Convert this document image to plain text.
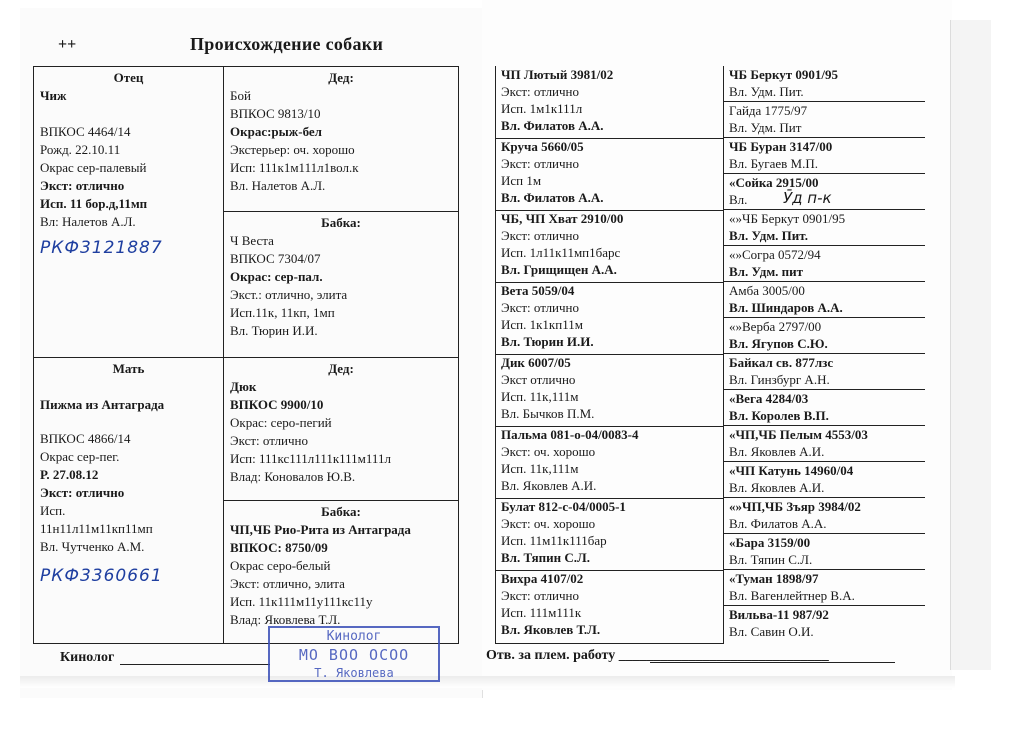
++	Происхождение собаки
Отец
Чиж
ВПКОС 4464/14
Рожд. 22.10.11
Окрас сер-палевый
Экст: отлично
Исп. 11 бор.д,11мп
Вл: Налетов А.Л.
РКФ3121887
Мать
Пижма из Антаграда
ВПКОС 4866/14
Окрас сер-пег.
Р. 27.08.12
Экст: отлично
Исп.
11н11л11м11кп11мп
Вл. Чутченко А.М.
РКФ3360661
Дед:
Бой
ВПКОС 9813/10
Окрас:рыж-бел
Экстерьер: оч. хорошо
Исп: 111к1м111л1вол.к
Вл. Налетов А.Л.
Бабка:
Ч Веста
ВПКОС 7304/07
Окрас: сер-пал.
Экст.: отлично, элита
Исп.11к, 11кп, 1мп
Вл. Тюрин И.И.
Дед:
Дюк
ВПКОС 9900/10
Окрас: серо-пегий
Экст: отлично
Исп: 111кс111л111к111м111л
Влад: Коновалов Ю.В.
Бабка:
ЧП,ЧБ Рио-Рита из Антаграда
ВПКОС: 8750/09
Окрас серо-белый
Экст: отлично, элита
Исп. 11к111м11у111кс11у
Влад: Яковлева Т.Л.
Кинолог	Отв. за плем. работу ______________________________
Кинолог
МО ВОО ОСОО
Т. Яковлева
ЧП Лютый 3981/02
Экст: отлично
Исп. 1м1к111л
Вл. Филатов А.А.
ЧБ Беркут 0901/95
Вл. Удм. Пит.
Гайда 1775/97
Вл. Удм. Пит
Круча 5660/05
Экст: отлично
Исп 1м
Вл. Филатов А.А.
ЧБ Буран 3147/00
Вл. Бугаев М.П.
«Сойка 2915/00
Вл.	Ӯд п-к
ЧБ, ЧП Хват 2910/00
Экст: отлично
Исп. 1л11к11мп1барс
Вл. Грищищен А.А.
«»ЧБ Беркут 0901/95
Вл. Удм. Пит.
«»Согра 0572/94
Вл. Удм. пит
Вета 5059/04
Экст: отлично
Исп. 1к1кп11м
Вл. Тюрин И.И.
Амба 3005/00
Вл. Шиндаров А.А.
«»Верба 2797/00
Вл. Ягупов С.Ю.
Дик 6007/05
Экст отлично
Исп. 11к,111м
Вл. Бычков П.М.
Байкал св. 877лзс
Вл. Гинзбург А.Н.
«Вега 4284/03
Вл. Королев В.П.
Пальма 081-о-04/0083-4
Экст: оч. хорошо
Исп. 11к,111м
Вл. Яковлев А.И.
«ЧП,ЧБ Пелым 4553/03
Вл. Яковлев А.И.
«ЧП Катунь 14960/04
Вл. Яковлев А.И.
Булат 812-с-04/0005-1
Экст: оч. хорошо
Исп. 11м11к111бар
Вл. Тяпин С.Л.
«»ЧП,ЧБ Зъяр 3984/02
Вл. Филатов А.А.
«Бара 3159/00
Вл. Тяпин С.Л.
Вихра 4107/02
Экст: отлично
Исп. 111м111к
Вл. Яковлев Т.Л.
«Туман 1898/97
Вл. Вагенлейтнер В.А.
Вильва-11 987/92
Вл. Савин О.И.
